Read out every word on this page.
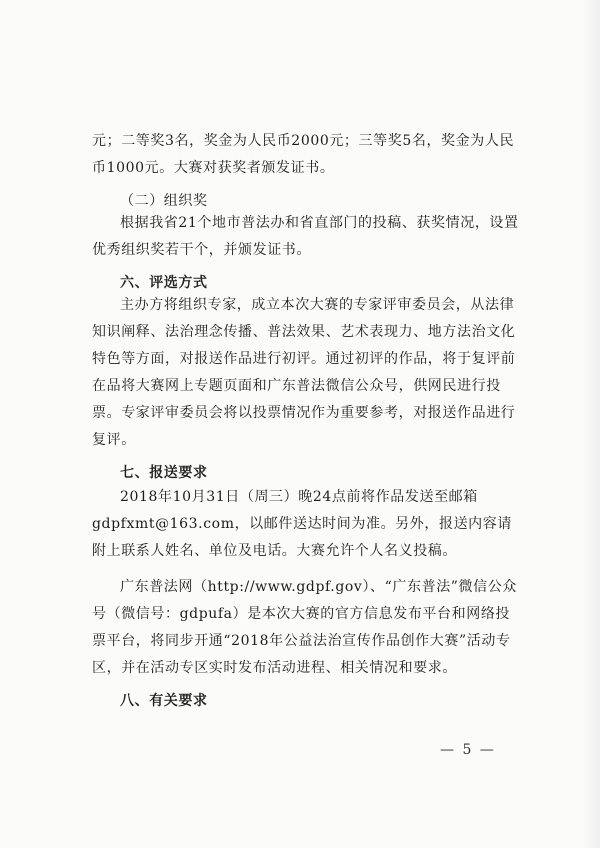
元；二等奖3名，奖金为人民币2000元；三等奖5名，奖金为人民币1000元。大赛对获奖者颁发证书。

（二）组织奖

根据我省21个地市普法办和省直部门的投稿、获奖情况，设置优秀组织奖若干个，并颁发证书。

六、评选方式

主办方将组织专家，成立本次大赛的专家评审委员会，从法律知识阐释、法治理念传播、普法效果、艺术表现力、地方法治文化特色等方面，对报送作品进行初评。通过初评的作品，将于复评前在品将大赛网上专题页面和广东普法微信公众号，供网民进行投票。专家评审委员会将以投票情况作为重要参考，对报送作品进行复评。

七、报送要求

2018年10月31日（周三）晚24点前将作品发送至邮箱gdpfxmt@163.com，以邮件送达时间为准。另外，报送内容请附上联系人姓名、单位及电话。大赛允许个人名义投稿。

广东普法网（http://www.gdpf.gov）、“广东普法”微信公众号（微信号：gdpufa）是本次大赛的官方信息发布平台和网络投票平台，将同步开通“2018年公益法治宣传作品创作大赛”活动专区，并在活动专区实时发布活动进程、相关情况和要求。

八、有关要求

— 5 —
